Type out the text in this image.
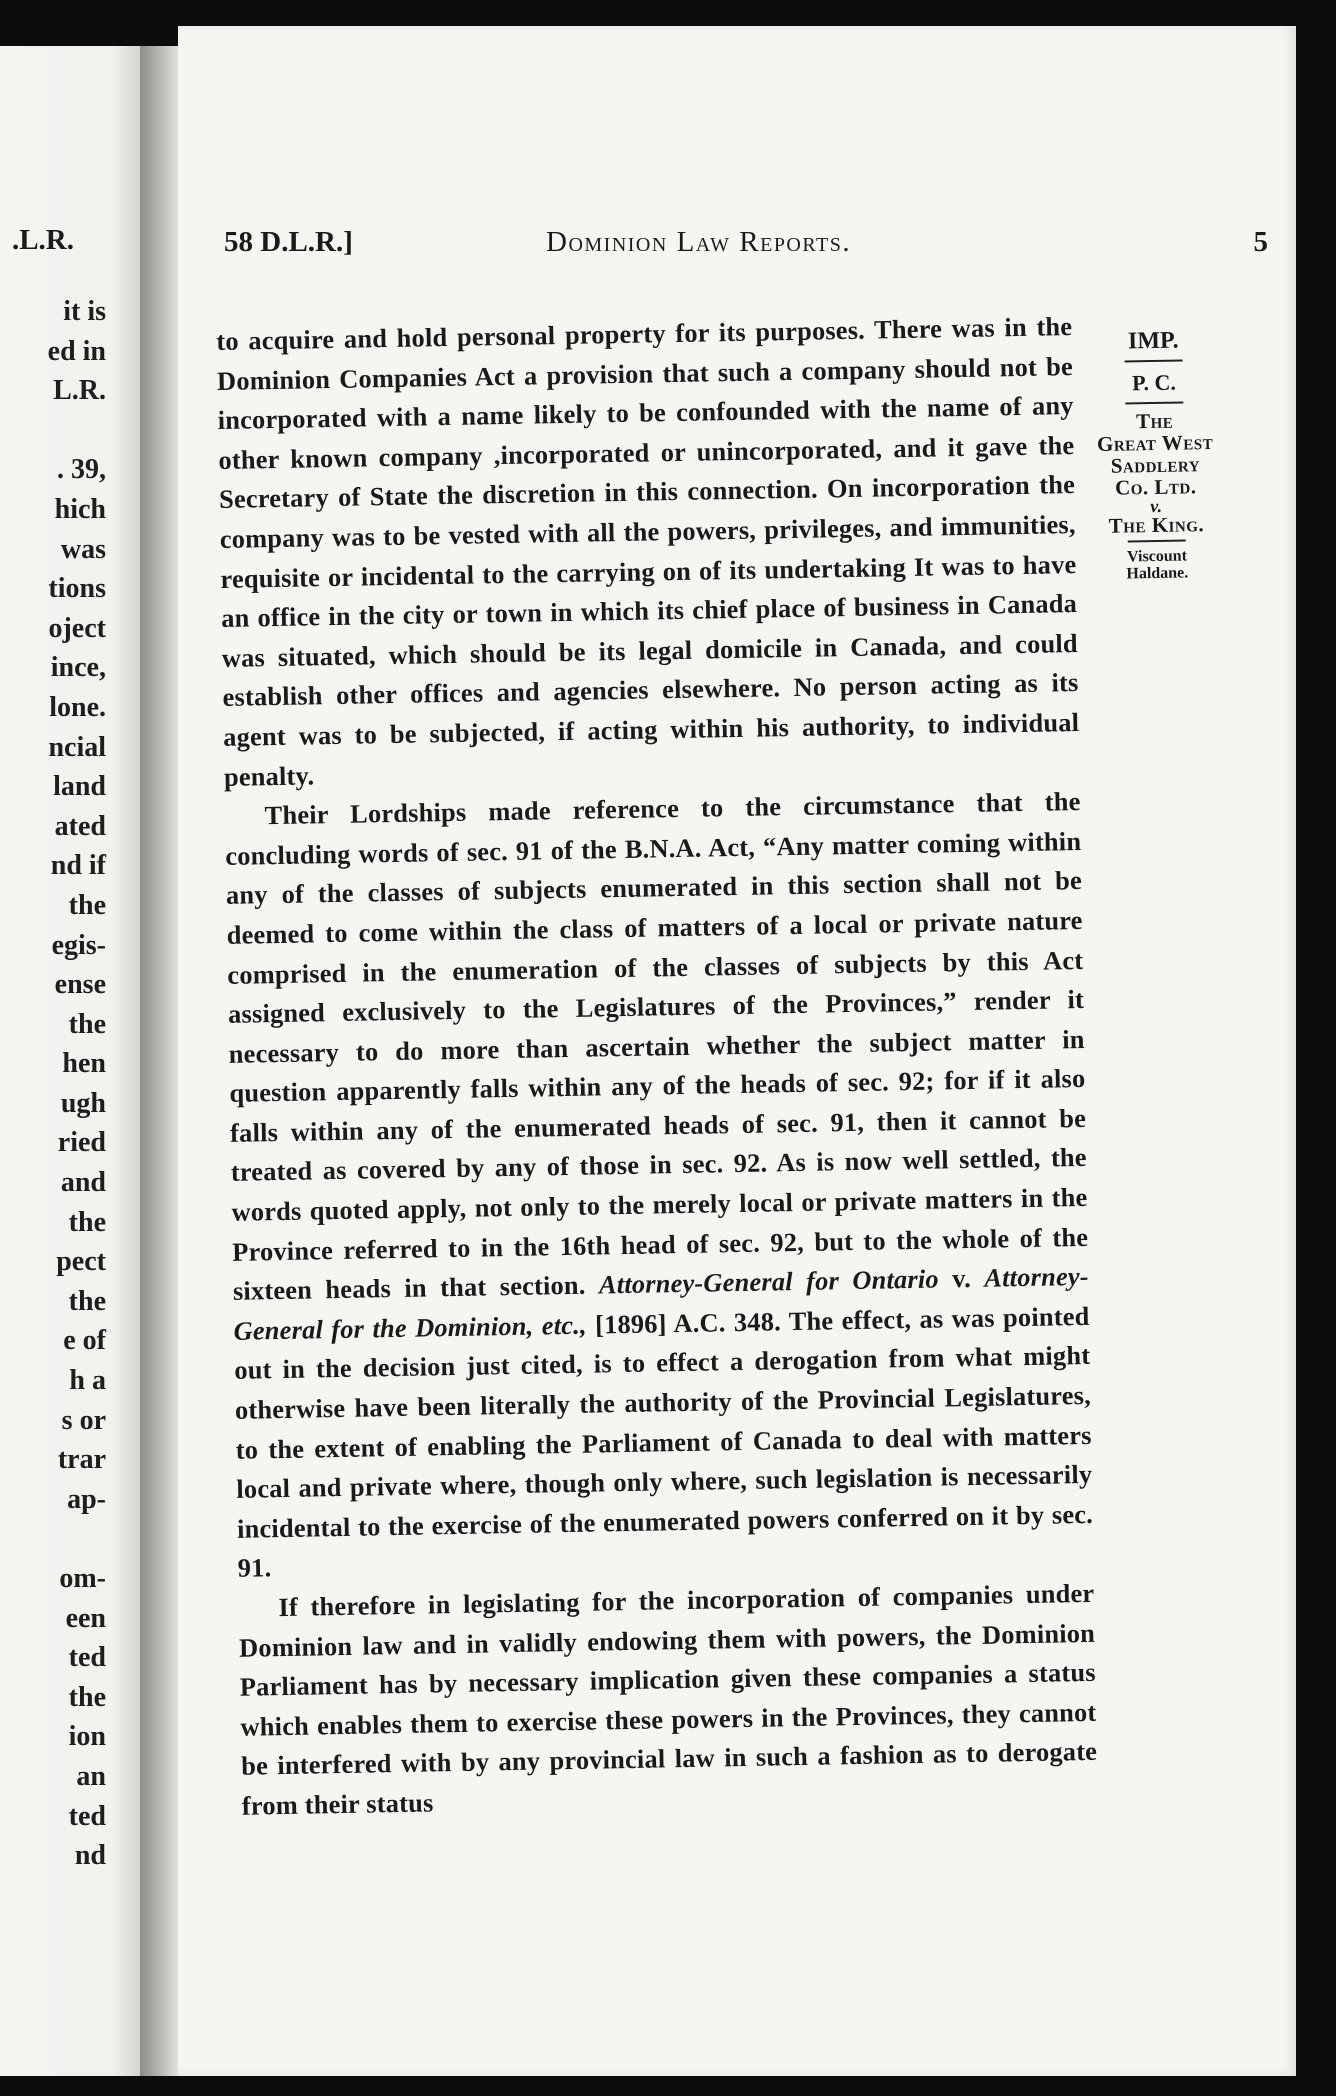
.L.R.
it is
ed in
L.R.
. 39,
hich
was
tions
oject
ince,
lone.
ncial
land
ated
nd if
the
egis-
ense
the
hen
ugh
ried
and
the
pect
the
e of
h a
s or
trar
ap-
om-
een
ted
the
ion
an
ted
nd
58 D.L.R.]	Dominion Law Reports.	5

to acquire and hold personal property for its purposes. There was in the Dominion Companies Act a provision that such a company should not be incorporated with a name likely to be confounded with the name of any other known company ,incorporated or unincorporated, and it gave the Secretary of State the discretion in this connection. On incorporation the company was to be vested with all the powers, privileges, and immunities, requisite or incidental to the carrying on of its undertaking It was to have an office in the city or town in which its chief place of business in Canada was situated, which should be its legal domicile in Canada, and could establish other offices and agencies elsewhere. No person acting as its agent was to be subjected, if acting within his authority, to individual penalty.

Their Lordships made reference to the circumstance that the concluding words of sec. 91 of the B.N.A. Act, “Any matter coming within any of the classes of subjects enumerated in this section shall not be deemed to come within the class of matters of a local or private nature comprised in the enumeration of the classes of subjects by this Act assigned exclusively to the Legislatures of the Provinces,” render it necessary to do more than ascertain whether the subject matter in question apparently falls within any of the heads of sec. 92; for if it also falls within any of the enumerated heads of sec. 91, then it cannot be treated as covered by any of those in sec. 92. As is now well settled, the words quoted apply, not only to the merely local or private matters in the Province referred to in the 16th head of sec. 92, but to the whole of the sixteen heads in that section. Attorney-General for Ontario v. Attorney-General for the Dominion, etc., [1896] A.C. 348. The effect, as was pointed out in the decision just cited, is to effect a derogation from what might otherwise have been literally the authority of the Provincial Legislatures, to the extent of enabling the Parliament of Canada to deal with matters local and private where, though only where, such legislation is necessarily incidental to the exercise of the enumerated powers conferred on it by sec. 91.

If therefore in legislating for the incorporation of companies under Dominion law and in validly endowing them with powers, the Dominion Parliament has by necessary implication given these companies a status which enables them to exercise these powers in the Provinces, they cannot be interfered with by any provincial law in such a fashion as to derogate from their status

IMP.
P. C.
The
Great West
Saddlery
Co. Ltd.
v.
The King.
Viscount
Haldane.
